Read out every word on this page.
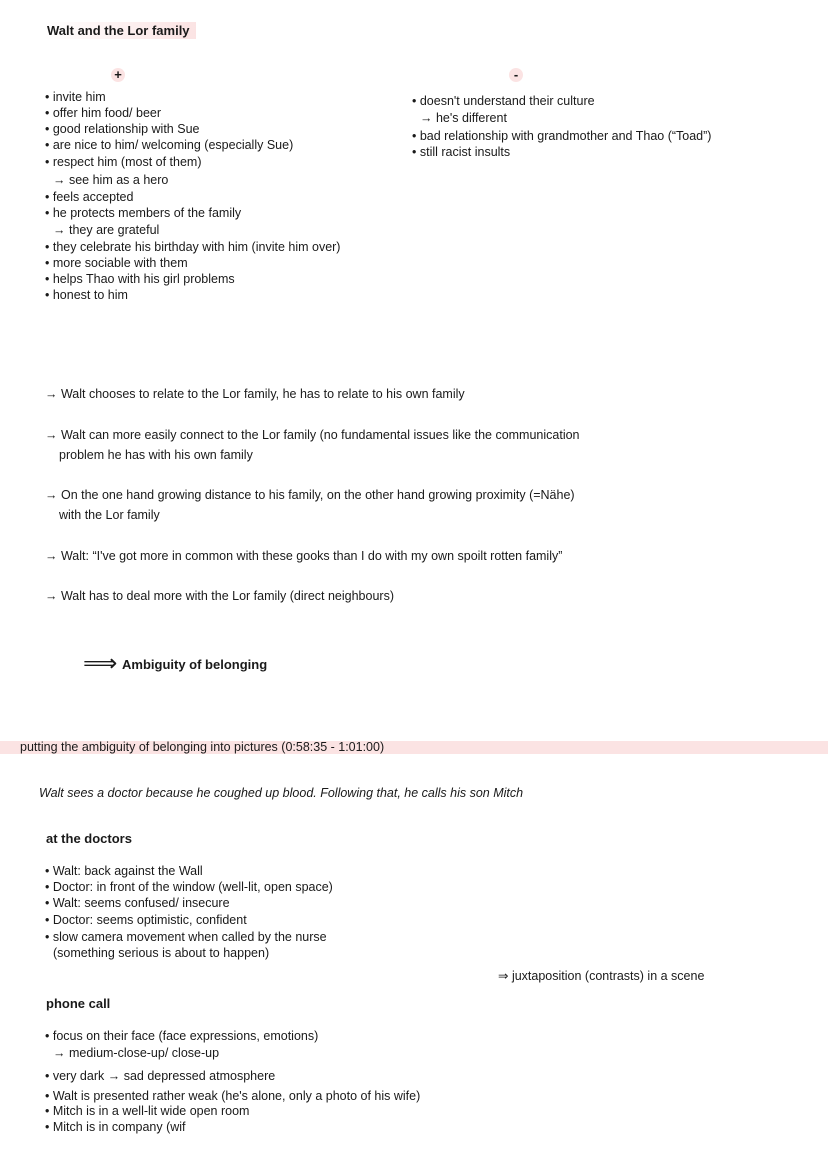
Walt and the Lor family
+	-
• invite him
• offer him food/ beer
• good relationship with Sue
• are nice to him/ welcoming (especially Sue)
• respect him (most of them)
→ see him as a hero
• feels accepted
• he protects members of the family
→ they are grateful
• they celebrate his birthday with him (invite him over)
• more sociable with them
• helps Thao with his girl problems
• honest to him
• doesn't understand their culture
→ he's different
• bad relationship with grandmother and Thao (“Toad”)
• still racist insults
→ Walt chooses to relate to the Lor family, he has to relate to his own family
→ Walt can more easily connect to the Lor family (no fundamental issues like the communication
problem he has with his own family
→ On the one hand growing distance to his family, on the other hand growing proximity (=Nähe)
with the Lor family
→ Walt: “I've got more in common with these gooks than I do with my own spoilt rotten family”
→ Walt has to deal more with the Lor family (direct neighbours)
⟹ Ambiguity of belonging
putting the ambiguity of belonging into pictures (0:58:35 - 1:01:00)
Walt sees a doctor because he coughed up blood. Following that, he calls his son Mitch
at the doctors
• Walt: back against the Wall
• Doctor: in front of the window (well-lit, open space)
• Walt: seems confused/ insecure
• Doctor: seems optimistic, confident
• slow camera movement when called by the nurse
(something serious is about to happen)
⇒ juxtaposition (contrasts) in a scene
phone call
• focus on their face (face expressions, emotions)
→ medium-close-up/ close-up
• very dark → sad depressed atmosphere
• Walt is presented rather weak (he's alone, only a photo of his wife)
• Mitch is in a well-lit wide open room
• Mitch is in company (wif
